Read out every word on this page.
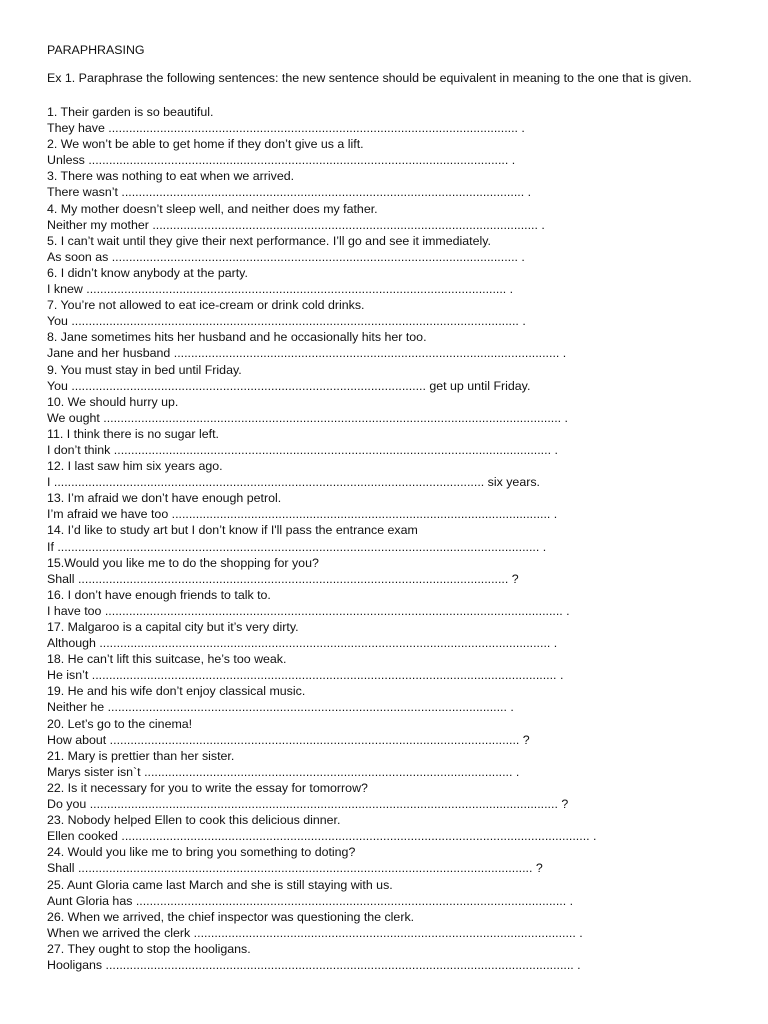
PARAPHRASING
Ex 1. Paraphrase the following sentences: the new sentence should be equivalent in meaning to the one that is given.
1. Their garden is so beautiful.
They have ....................................................................................................................... .
2. We won’t be able to get home if they don’t give us a lift.
Unless .......................................................................................................................... .
3. There was nothing to eat when we arrived.
There wasn’t ..................................................................................................................... .
4. My mother doesn’t sleep well, and neither does my father.
Neither my mother ................................................................................................................ .
5. I can’t wait until they give their next performance. I’ll go and see it immediately.
As soon as ...................................................................................................................... .
6. I didn’t know anybody at the party.
I knew .......................................................................................................................... .
7. You’re not allowed to eat ice-cream or drink cold drinks.
You .................................................................................................................................. .
8. Jane sometimes hits her husband and he occasionally hits her too.
Jane and her husband ................................................................................................................ .
9. You must stay in bed until Friday.
You ....................................................................................................... get up until Friday.
10. We should hurry up.
We ought ..................................................................................................................................... .
11. I think there is no sugar left.
I don’t think ............................................................................................................................... .
12. I last saw him six years ago.
I ............................................................................................................................. six years.
13. I’m afraid we don’t have enough petrol.
I’m afraid we have too .............................................................................................................. .
14. I’d like to study art but I don’t know if I'll pass the entrance exam
If ............................................................................................................................................ .
15.Would you like me to do the shopping for you?
Shall ............................................................................................................................. ?
16. I don’t have enough friends to talk to.
I have too ..................................................................................................................................... .
17. Malgaroo is a capital city but it’s very dirty.
Although ................................................................................................................................... .
18. He can’t lift this suitcase, he’s too weak.
He isn’t ....................................................................................................................................... .
19. He and his wife don’t enjoy classical music.
Neither he .................................................................................................................... .
20. Let’s go to the cinema!
How about ....................................................................................................................... ?
21. Mary is prettier than her sister.
Marys sister isn`t ........................................................................................................... .
22. Is it necessary for you to write the essay for tomorrow?
Do you ........................................................................................................................................ ?
23. Nobody helped Ellen to cook this delicious dinner.
Ellen cooked ........................................................................................................................................ .
24. Would you like me to bring you something to doting?
Shall .................................................................................................................................... ?
25. Aunt Gloria came last March and she is still staying with us.
Aunt Gloria has ............................................................................................................................. .
26. When we arrived, the chief inspector was questioning the clerk.
When we arrived the clerk ............................................................................................................... .
27. They ought to stop the hooligans.
Hooligans ........................................................................................................................................ .
